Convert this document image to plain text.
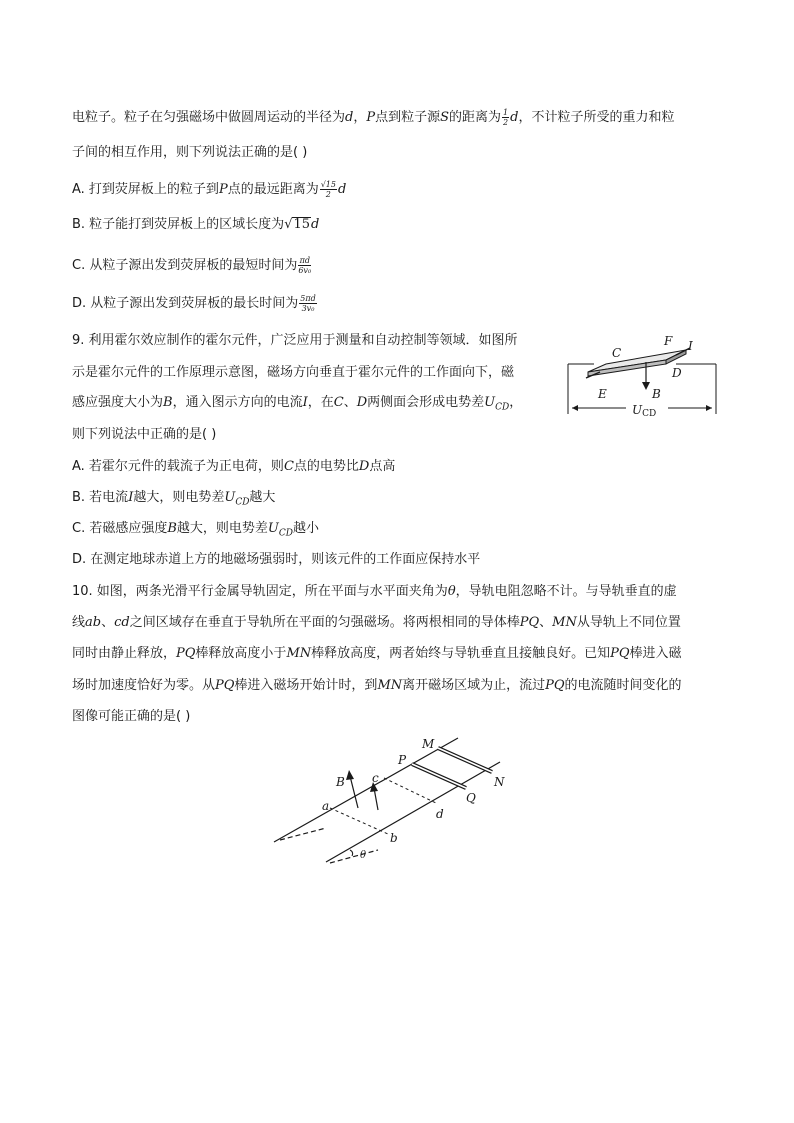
电粒子。粒子在匀强磁场中做圆周运动的半径为d，P点到粒子源S的距离为 $\frac{1}{2}$ d，不计粒子所受的重力和粒
子间的相互作用，则下列说法正确的是( )
A. 打到荧屏板上的粒子到P点的最远距离为 $\frac{√15}{2}$ d
B. 粒子能打到荧屏板上的区域长度为√15d
C. 从粒子源出发到荧屏板的最短时间为 $\frac{\pi d}{\text{6v₀}}$
D. 从粒子源出发到荧屏板的最长时间为 $\frac{5\pi d}{\text{3v₀}}$
9. 利用霍尔效应制作的霍尔元件，广泛应用于测量和自动控制等领域．如图所
示是霍尔元件的工作原理示意图，磁场方向垂直于霍尔元件的工作面向下，磁
感应强度大小为B，通入图示方向的电流I，在C、D两侧面会形成电势差$U_{CD}$，
则下列说法中正确的是( )
A. 若霍尔元件的载流子为正电荷，则C点的电势比D点高
B. 若电流I越大，则电势差$U_{CD}$越大
C. 若磁感应强度B越大，则电势差$U_{CD}$越小
D. 在测定地球赤道上方的地磁场强弱时，则该元件的工作面应保持水平
C
F I
D
E	B
UCD
10. 如图，两条光滑平行金属导轨固定，所在平面与水平面夹角为θ，导轨电阻忽略不计。与导轨垂直的虚
线ab、cd之间区域存在垂直于导轨所在平面的匀强磁场。将两根相同的导体棒PQ、MN从导轨上不同位置
同时由静止释放，PQ棒释放高度小于MN棒释放高度，两者始终与导轨垂直且接触良好。已知PQ棒进入磁
场时加速度恰好为零。从PQ棒进入磁场开始计时，到MN离开磁场区域为止，流过PQ的电流随时间变化的
图像可能正确的是( )
M
P
B c	N
Q
a
d
b
θ
